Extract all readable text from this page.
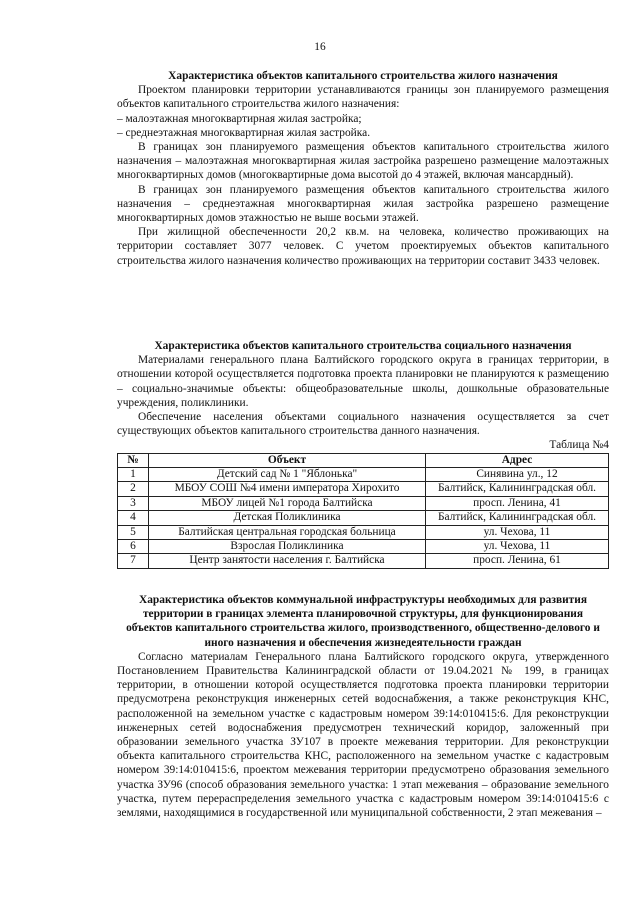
16

Характеристика объектов капитального строительства жилого назначения

Проектом планировки территории устанавливаются границы зон планируемого размещения объектов капитального строительства жилого назначения:

– малоэтажная многоквартирная жилая застройка;

– среднеэтажная многоквартирная жилая застройка.

В границах зон планируемого размещения объектов капитального строительства жилого назначения – малоэтажная многоквартирная жилая застройка разрешено размещение малоэтажных многоквартирных домов (многоквартирные дома высотой до 4 этажей, включая мансардный).

В границах зон планируемого размещения объектов капитального строительства жилого назначения – среднеэтажная многоквартирная жилая застройка разрешено размещение многоквартирных домов этажностью не выше восьми этажей.

При жилищной обеспеченности 20,2 кв.м. на человека, количество проживающих на территории составляет 3077 человек. С учетом проектируемых объектов капитального строительства жилого назначения количество проживающих на территории составит 3433 человек.

Характеристика объектов капитального строительства социального назначения

Материалами генерального плана Балтийского городского округа в границах территории, в отношении которой осуществляется подготовка проекта планировки не планируются к размещению – социально-значимые объекты: общеобразовательные школы, дошкольные образовательные учреждения, поликлиники.

Обеспечение населения объектами социального назначения осуществляется за счет существующих объектов капитального строительства данного назначения.

Таблица №4

№	Объект	Адрес
1	Детский сад № 1 "Яблонька"	Синявина ул., 12
2	МБОУ СОШ №4 имени императора Хирохито	Балтийск, Калининградская обл.
3	МБОУ лицей №1 города Балтийска	просп. Ленина, 41
4	Детская Поликлиника	Балтийск, Калининградская обл.
5	Балтийская центральная городская больница	ул. Чехова, 11
6	Взрослая Поликлиника	ул. Чехова, 11
7	Центр занятости населения г. Балтийска	просп. Ленина, 61

Характеристика объектов коммунальной инфраструктуры необходимых для развития территории в границах элемента планировочной структуры, для функционирования объектов капитального строительства жилого, производственного, общественно-делового и иного назначения и обеспечения жизнедеятельности граждан

Согласно материалам Генерального плана Балтийского городского округа, утвержденного Постановлением Правительства Калининградской области от 19.04.2021 № 199, в границах территории, в отношении которой осуществляется подготовка проекта планировки территории предусмотрена реконструкция инженерных сетей водоснабжения, а также реконструкция КНС, расположенной на земельном участке с кадастровым номером 39:14:010415:6. Для реконструкции инженерных сетей водоснабжения предусмотрен технический коридор, заложенный при образовании земельного участка ЗУ107 в проекте межевания территории. Для реконструкции объекта капитального строительства КНС, расположенного на земельном участке с кадастровым номером 39:14:010415:6, проектом межевания территории предусмотрено образования земельного участка ЗУ96 (способ образования земельного участка: 1 этап межевания – образование земельного участка, путем перераспределения земельного участка с кадастровым номером 39:14:010415:6 с землями, находящимися в государственной или муниципальной собственности, 2 этап межевания –
